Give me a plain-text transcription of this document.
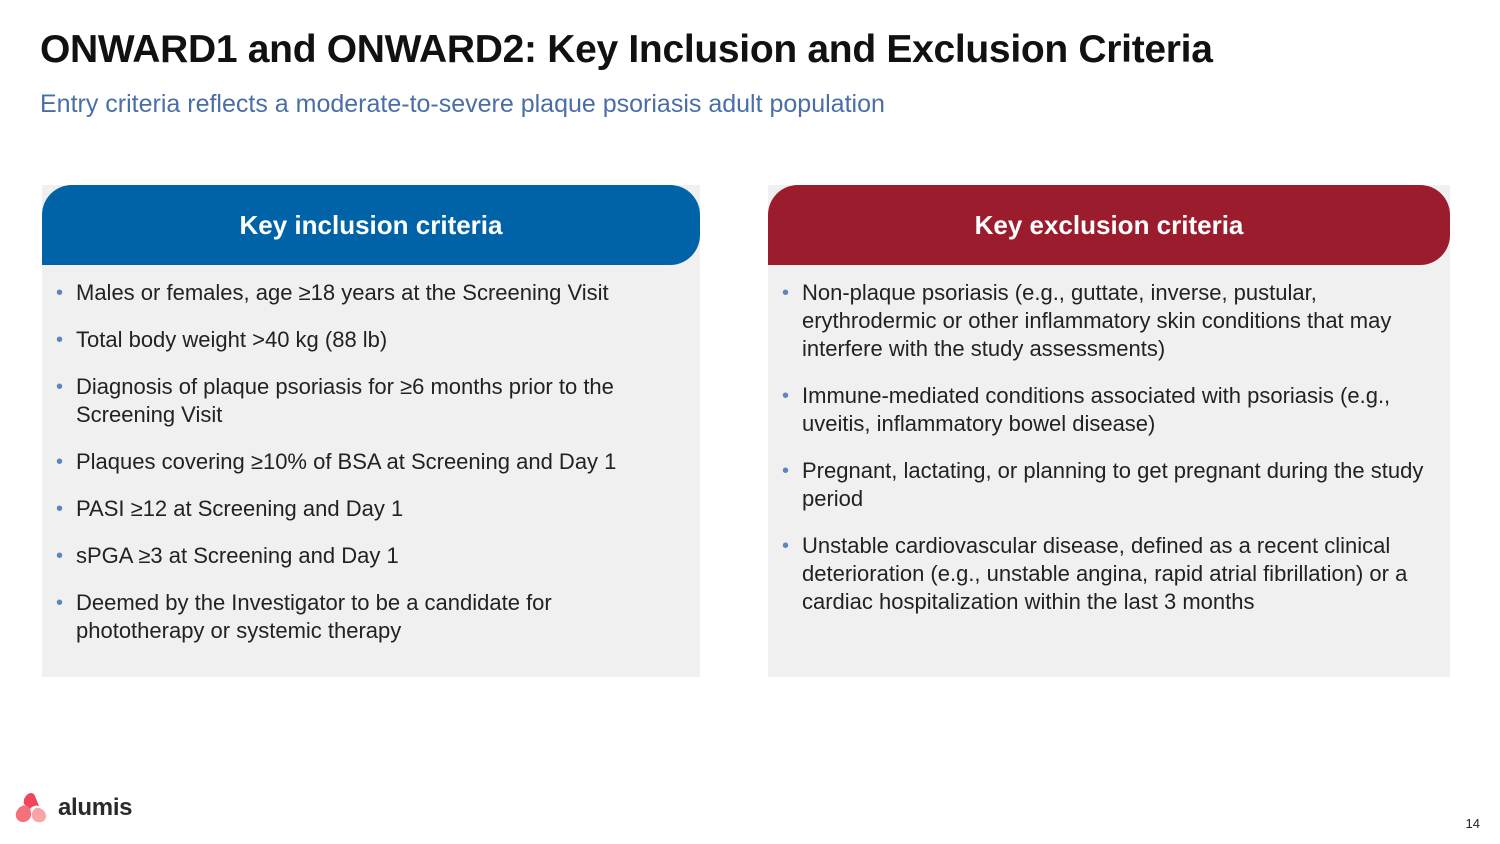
ONWARD1 and ONWARD2: Key Inclusion and Exclusion Criteria
Entry criteria reflects a moderate-to-severe plaque psoriasis adult population
Key inclusion criteria
• Males or females, age ≥18 years at the Screening Visit
• Total body weight >40 kg (88 lb)
• Diagnosis of plaque psoriasis for ≥6 months prior to the Screening Visit
• Plaques covering ≥10% of BSA at Screening and Day 1
• PASI ≥12 at Screening and Day 1
• sPGA ≥3 at Screening and Day 1
• Deemed by the Investigator to be a candidate for phototherapy or systemic therapy
Key exclusion criteria
• Non-plaque psoriasis (e.g., guttate, inverse, pustular, erythrodermic or other inflammatory skin conditions that may interfere with the study assessments)
• Immune-mediated conditions associated with psoriasis (e.g., uveitis, inflammatory bowel disease)
• Pregnant, lactating, or planning to get pregnant during the study period
• Unstable cardiovascular disease, defined as a recent clinical deterioration (e.g., unstable angina, rapid atrial fibrillation) or a cardiac hospitalization within the last 3 months
alumis
14
